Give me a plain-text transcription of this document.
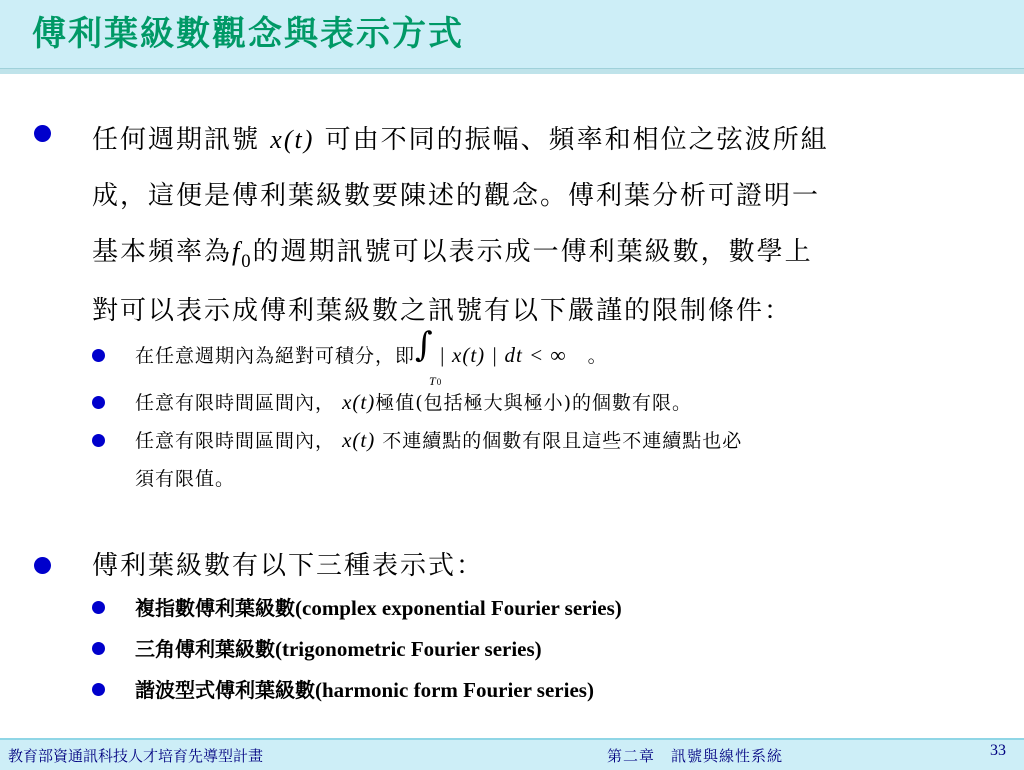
傅利葉級數觀念與表示方式
任何週期訊號 x(t) 可由不同的振幅、頻率和相位之弦波所組
成，這便是傅利葉級數要陳述的觀念。傅利葉分析可證明一
基本頻率為$f_0$的週期訊號可以表示成一傅利葉級數，數學上
對可以表示成傅利葉級數之訊號有以下嚴謹的限制條件：
在任意週期內為絕對可積分，即 ∫
T0
| x(t) | dt < ∞ 。
任意有限時間區間內， x(t)極值(包括極大與極小)的個數有限。
任意有限時間區間內， x(t) 不連續點的個數有限且這些不連續點也必
須有限值。
傅利葉級數有以下三種表示式：
複指數傅利葉級數(complex exponential Fourier series)
三角傅利葉級數(trigonometric Fourier series)
諧波型式傅利葉級數(harmonic form Fourier series)
教育部資通訊科技人才培育先導型計畫	第二章　訊號與線性系統	33
